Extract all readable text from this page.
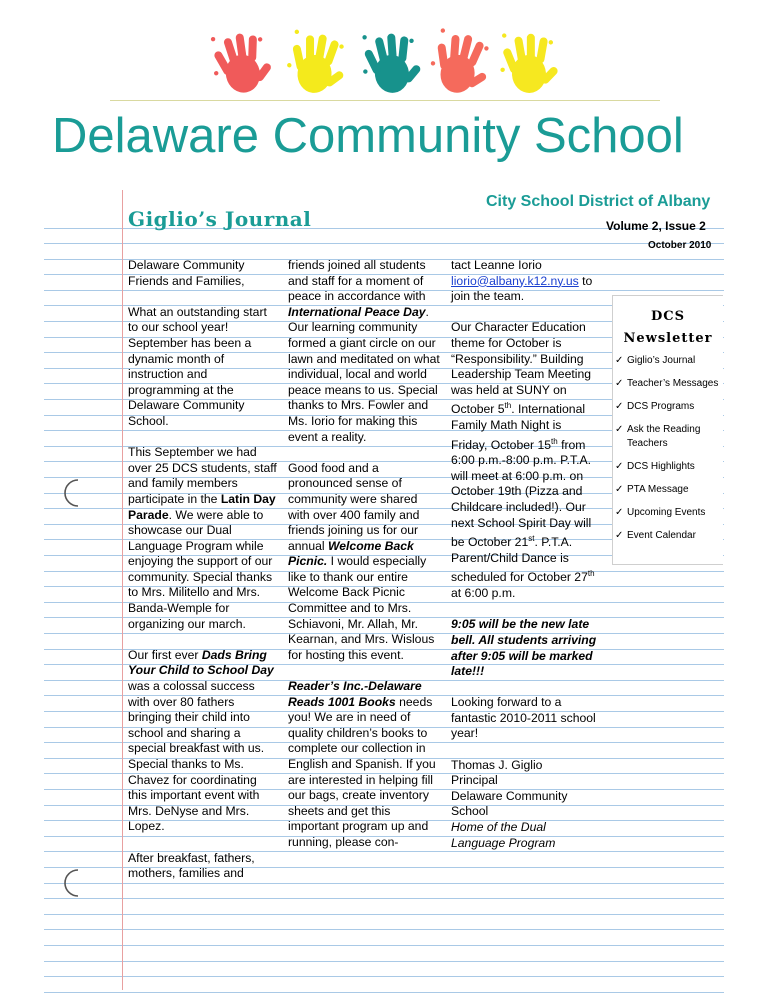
Delaware Community School
City School District of Albany
Giglio’s Journal	Volume 2, Issue 2
October 2010

Delaware Community Friends and Families,

What an outstanding start to our school year! September has been a dynamic month of instruction and programming at the Delaware Community School.

This September we had over 25 DCS students, staff and family members participate in the Latin Day Parade. We were able to showcase our Dual Language Program while enjoying the support of our community. Special thanks to Mrs. Militello and Mrs. Banda-Wemple for organizing our march.

Our first ever Dads Bring Your Child to School Day was a colossal success with over 80 fathers bringing their child into school and sharing a special breakfast with us. Special thanks to Ms. Chavez for coordinating this important event with Mrs. DeNyse and Mrs. Lopez.

After breakfast, fathers, mothers, families and

friends joined all students and staff for a moment of peace in accordance with International Peace Day. Our learning community formed a giant circle on our lawn and meditated on what individual, local and world peace means to us. Special thanks to Mrs. Fowler and Ms. Iorio for making this event a reality.

Good food and a pronounced sense of community were shared with over 400 family and friends joining us for our annual Welcome Back Picnic. I would especially like to thank our entire Welcome Back Picnic Committee and to Mrs. Schiavoni, Mr. Allah, Mr. Kearnan, and Mrs. Wislous for hosting this event.

Reader’s Inc.-Delaware Reads 1001 Books needs you! We are in need of quality children’s books to complete our collection in English and Spanish. If you are interested in helping fill our bags, create inventory sheets and get this important program up and running, please con-

tact Leanne Iorio liorio@albany.k12.ny.us to join the team.

Our Character Education theme for October is “Responsibility.” Building Leadership Team Meeting was held at SUNY on October 5th. International Family Math Night is Friday, October 15th from 6:00 p.m.-8:00 p.m. P.T.A. will meet at 6:00 p.m. on October 19th (Pizza and Childcare included!). Our next School Spirit Day will be October 21st. P.T.A. Parent/Child Dance is scheduled for October 27th at 6:00 p.m.

9:05 will be the new late bell. All students arriving after 9:05 will be marked late!!!

Looking forward to a fantastic 2010-2011 school year!

Thomas J. Giglio
Principal
Delaware Community School
Home of the Dual Language Program

DCS
Newsletter
✓ Giglio’s Journal
✓ Teacher’s Messages
✓ DCS Programs
✓ Ask the Reading Teachers
✓ DCS Highlights
✓ PTA Message
✓ Upcoming Events
✓ Event Calendar
